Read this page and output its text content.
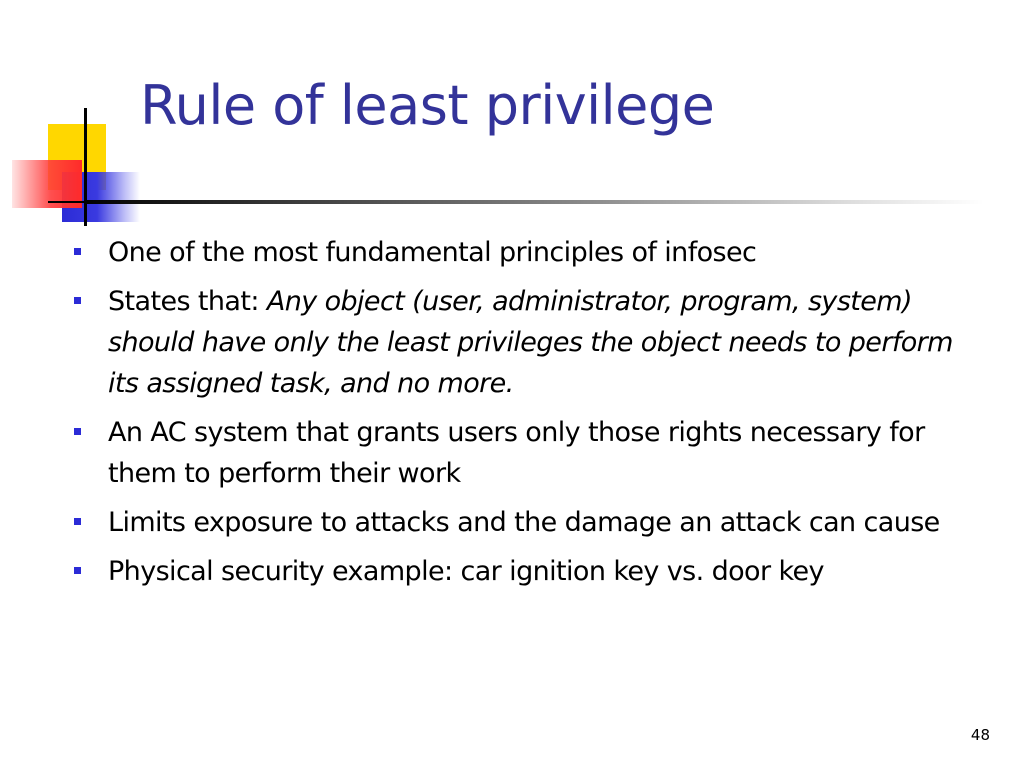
Rule of least privilege
One of the most fundamental principles of infosec
States that: Any object (user, administrator, program, system) should have only the least privileges the object needs to perform its assigned task, and no more.
An AC system that grants users only those rights necessary for them to perform their work
Limits exposure to attacks and the damage an attack can cause
Physical security example: car ignition key vs. door key
48
